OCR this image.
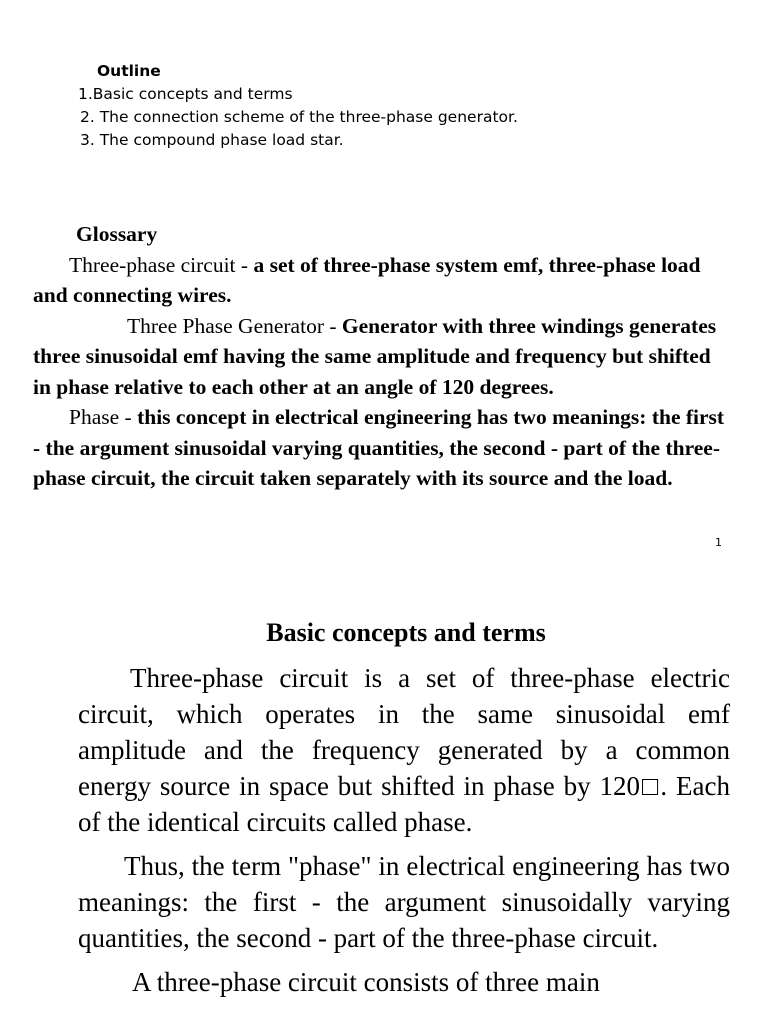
Outline
1.Basic concepts and terms
2. The connection scheme of the three-phase generator.
3. The compound phase load star.
Glossary

Three-phase circuit - a set of three-phase system emf, three-phase load and connecting wires.

Three Phase Generator - Generator with three windings generates three sinusoidal emf having the same amplitude and frequency but shifted in phase relative to each other at an angle of 120 degrees.

Phase - this concept in electrical engineering has two meanings: the first - the argument sinusoidal varying quantities, the second - part of the three-phase circuit, the circuit taken separately with its source and the load.

1
Basic concepts and terms

Three-phase circuit is a set of three-phase electric circuit, which operates in the same sinusoidal emf amplitude and the frequency generated by a common energy source in space but shifted in phase by 120□. Each of the identical circuits called phase.

Thus, the term "phase" in electrical engineering has two meanings: the first - the argument sinusoidally varying quantities, the second - part of the three-phase circuit.

A three-phase circuit consists of three main
